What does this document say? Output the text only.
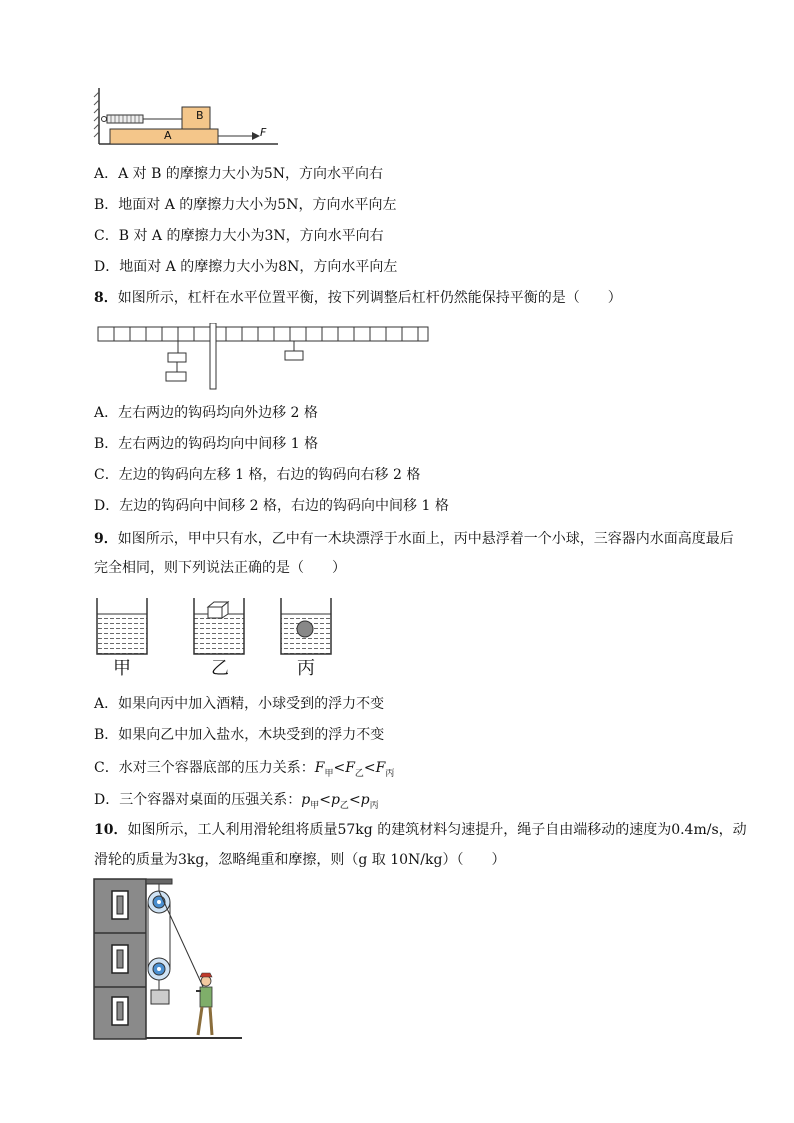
B
A	F
A．A 对 B 的摩擦力大小为5N，方向水平向右
B．地面对 A 的摩擦力大小为5N，方向水平向左
C．B 对 A 的摩擦力大小为3N，方向水平向右
D．地面对 A 的摩擦力大小为8N，方向水平向左
8．如图所示，杠杆在水平位置平衡，按下列调整后杠杆仍然能保持平衡的是（　　）
A．左右两边的钩码均向外边移 2 格
B．左右两边的钩码均向中间移 1 格
C．左边的钩码向左移 1 格，右边的钩码向右移 2 格
D．左边的钩码向中间移 2 格，右边的钩码向中间移 1 格
9．如图所示，甲中只有水，乙中有一木块漂浮于水面上，丙中悬浮着一个小球，三容器内水面高度最后
完全相同，则下列说法正确的是（　　）
甲	乙	丙
A．如果向丙中加入酒精，小球受到的浮力不变
B．如果向乙中加入盐水，木块受到的浮力不变
C．水对三个容器底部的压力关系：$F_甲<F_乙<F_丙$
D．三个容器对桌面的压强关系：$p_甲<p_乙<p_丙$
10．如图所示，工人利用滑轮组将质量57kg 的建筑材料匀速提升，绳子自由端移动的速度为0.4m/s，动
滑轮的质量为3kg，忽略绳重和摩擦，则（g 取 10N/kg）（　　）
